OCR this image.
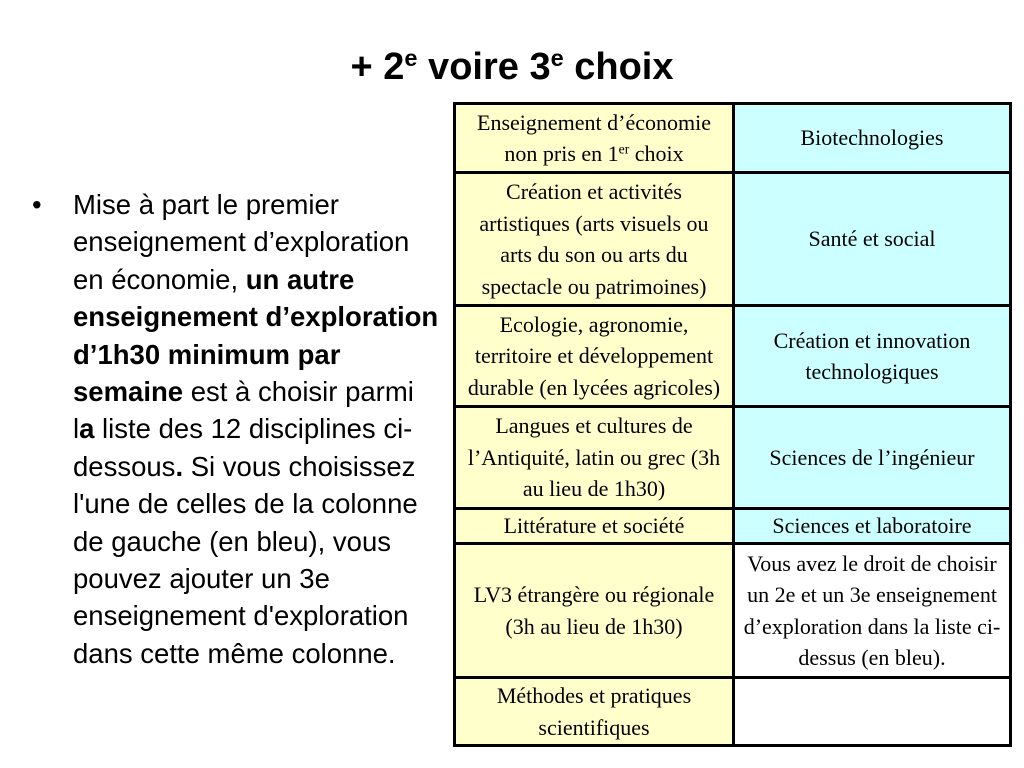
+ $2^e$ voire 3e choix
• Mise à part le premier
enseignement d’exploration
en économie, un autre
enseignement d’exploration
d’1h30 minimum par
semaine est à choisir parmi
la liste des 12 disciplines ci-
dessous. Si vous choisissez
l'une de celles de la colonne
de gauche (en bleu), vous
pouvez ajouter un 3e
enseignement d'exploration
dans cette même colonne.
Enseignement d’économie
non pris en 1er choix	Biotechnologies

Création et activités
artistiques (arts visuels ou
arts du son ou arts du
spectacle ou patrimoines)	Santé et social

Ecologie, agronomie,
territoire et développement
durable (en lycées agricoles)	Création et innovation
technologiques

Langues et cultures de
l’Antiquité, latin ou grec (3h
au lieu de 1h30)	Sciences de l’ingénieur

Littérature et société	Sciences et laboratoire

LV3 étrangère ou régionale
(3h au lieu de 1h30)	Vous avez le droit de choisir
un 2e et un 3e enseignement
d’exploration dans la liste ci-
dessus (en bleu).

Méthodes et pratiques
scientifiques	
